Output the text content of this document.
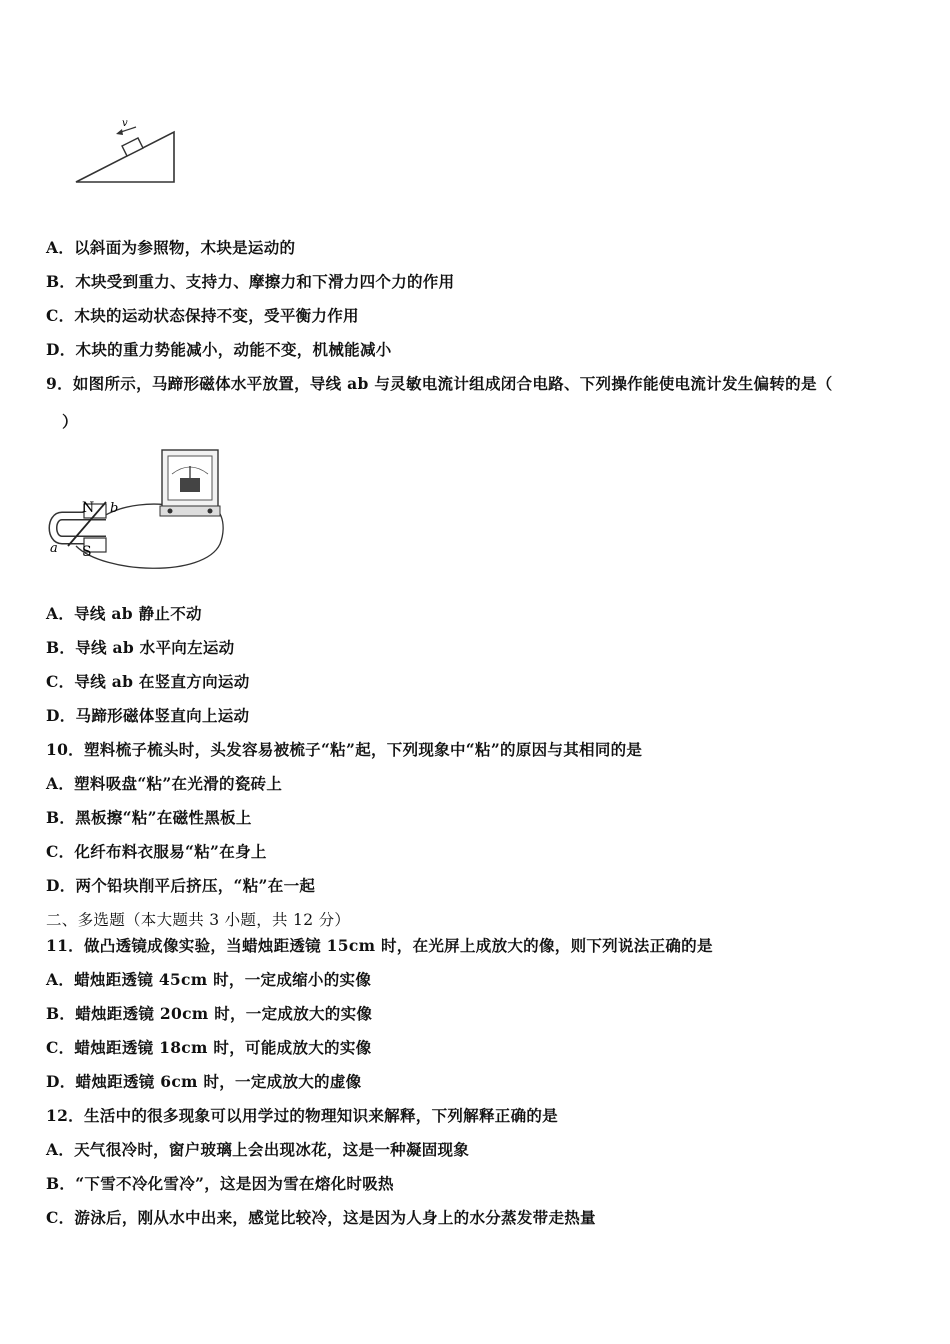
v
A．以斜面为参照物，木块是运动的
B．木块受到重力、支持力、摩擦力和下滑力四个力的作用
C．木块的运动状态保持不变，受平衡力作用
D．木块的重力势能减小，动能不变，机械能减小
9．如图所示，马蹄形磁体水平放置，导线 ab 与灵敏电流计组成闭合电路、下列操作能使电流计发生偏转的是（
）
N
S
a
b
A．导线 ab 静止不动
B．导线 ab 水平向左运动
C．导线 ab 在竖直方向运动
D．马蹄形磁体竖直向上运动
10．塑料梳子梳头时，头发容易被梳子“粘”起，下列现象中“粘”的原因与其相同的是
A．塑料吸盘“粘”在光滑的瓷砖上
B．黑板擦“粘”在磁性黑板上
C．化纤布料衣服易“粘”在身上
D．两个铅块削平后挤压，“粘”在一起
二、多选题（本大题共 3 小题，共 12 分）
11．做凸透镜成像实验，当蜡烛距透镜 15cm 时，在光屏上成放大的像，则下列说法正确的是
A．蜡烛距透镜 45cm 时，一定成缩小的实像
B．蜡烛距透镜 20cm 时，一定成放大的实像
C．蜡烛距透镜 18cm 时，可能成放大的实像
D．蜡烛距透镜 6cm 时，一定成放大的虚像
12．生活中的很多现象可以用学过的物理知识来解释，下列解释正确的是
A．天气很冷时，窗户玻璃上会出现冰花，这是一种凝固现象
B．“下雪不冷化雪冷”，这是因为雪在熔化时吸热
C．游泳后，刚从水中出来，感觉比较冷，这是因为人身上的水分蒸发带走热量
